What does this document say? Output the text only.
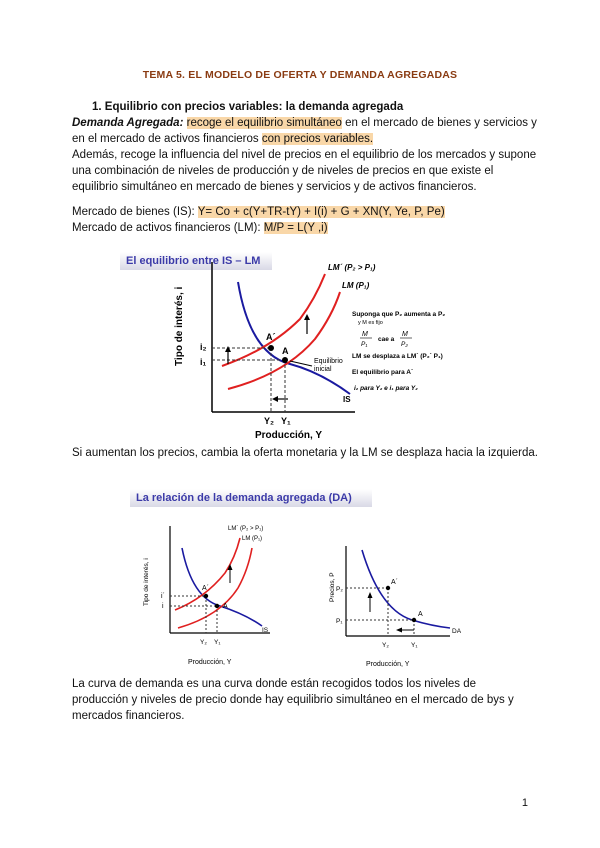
TEMA 5. EL MODELO DE OFERTA Y DEMANDA AGREGADAS
1. Equilibrio con precios variables: la demanda agregada
Demanda Agregada: recoge el equilibrio simultáneo en el mercado de bienes y servicios y en el mercado de activos financieros con precios variables.
Además, recoge la influencia del nivel de precios en el equilibrio de los mercados y supone una combinación de niveles de producción y de niveles de precios en que existe el equilibrio simultáneo en mercado de bienes y servicios y de activos financieros.
Mercado de bienes (IS): Y= Co + c(Y+TR-tY) + I(i) + G + XN(Y, Ye, P, Pe)
Mercado de activos financieros (LM): M/P = L(Y ,i)
El equilibrio entre IS – LM
Tipo de interés, i
Producción, Y
A´
A
i₂
i₁
Y₂ Y₁
Equilibrio
inicial
LM´ (P₂ > P₁)
LM (P₁)
IS
Suponga que P₂ aumenta a P₂
y M es fijo
M
P₁
cae a
M
P₂
LM se desplaza a LM´ (P₂´ P₁)
El equilibrio para A´
i₂ para Y₂ e i₁ para Y₂
Si aumentan los precios, cambia la oferta monetaria y la LM se desplaza hacia la izquierda.
La relación de la demanda agregada (DA)
Tipo de interés, i
Producción, Y
A´
A
i´
i
Y₂ Y₁
LM´ (P₂ > P₁)
LM (P₁)
IS
Precios, P
Producción, Y
A´
A
P₂
P₁
Y₂	Y₁
DA
La curva de demanda es una curva donde están recogidos todos los niveles de producción y niveles de precio donde hay equilibrio simultáneo en el mercado de bys y mercados financieros.
1
